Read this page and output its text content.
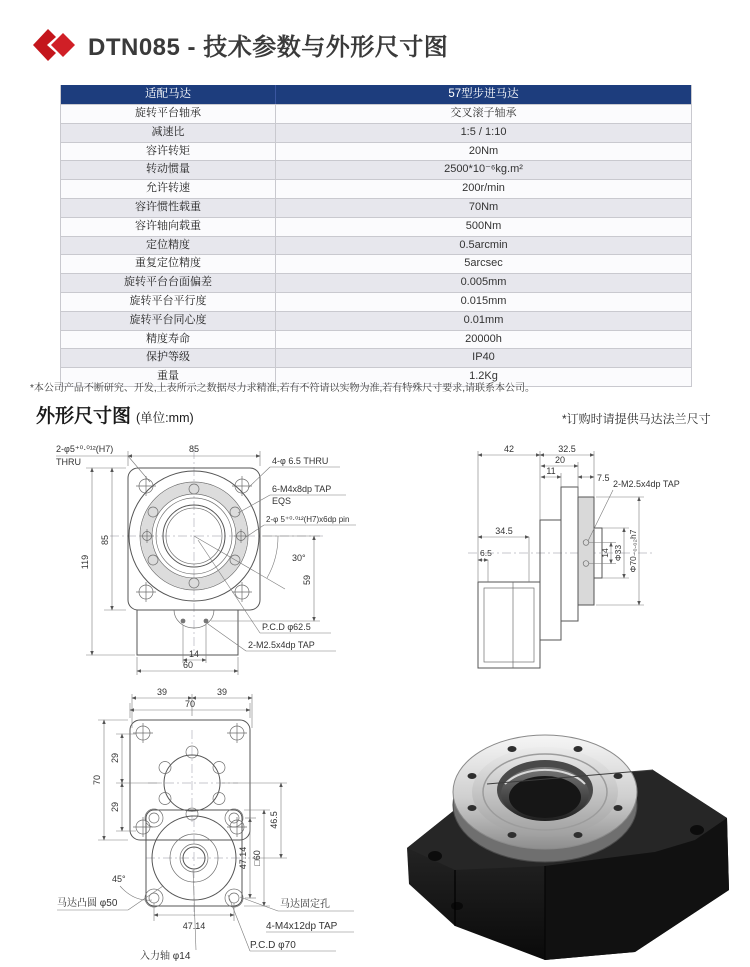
DTN085 - 技术参数与外形尺寸图
适配马达	57型步进马达
旋转平台轴承	交叉滚子轴承
减速比	1:5 / 1:10
容许转矩	20Nm
转动惯量	2500*10⁻⁶kg.m²
允许转速	200r/min
容许惯性载重	70Nm
容许轴向载重	500Nm
定位精度	0.5arcmin
重复定位精度	5arcsec
旋转平台台面偏差	0.005mm
旋转平台平行度	0.015mm
旋转平台同心度	0.01mm
精度寿命	20000h
保护等级	IP40
重量	1.2Kg
*本公司产品不断研究、开发,上表所示之数据尽力求精准,若有不符请以实物为准,若有特殊尺寸要求,请联系本公司。
外形尺寸图 (单位:mm)	*订购时请提供马达法兰尺寸
2-φ5⁺⁰·⁰¹²(H7)
THRU
85
4-φ 6.5 THRU
6-M4x8dp TAP
EQS
2-φ 5⁺⁰·⁰¹²(H7)x6dp pin
85
119	30°
59
P.C.D φ62.5
2-M2.5x4dp TAP
14
60
42	32.5
20
11
7.5
2-M2.5x4dp TAP
34.5
6.5	14 Φ33 Φ70₋₀.₀₂h7
39	39
70
29
70
29
46.5
47.14 □60
45°
马达凸圆 φ50
47.14
入力轴 φ14
P.C.D φ70
马达固定孔
4-M4x12dp TAP
